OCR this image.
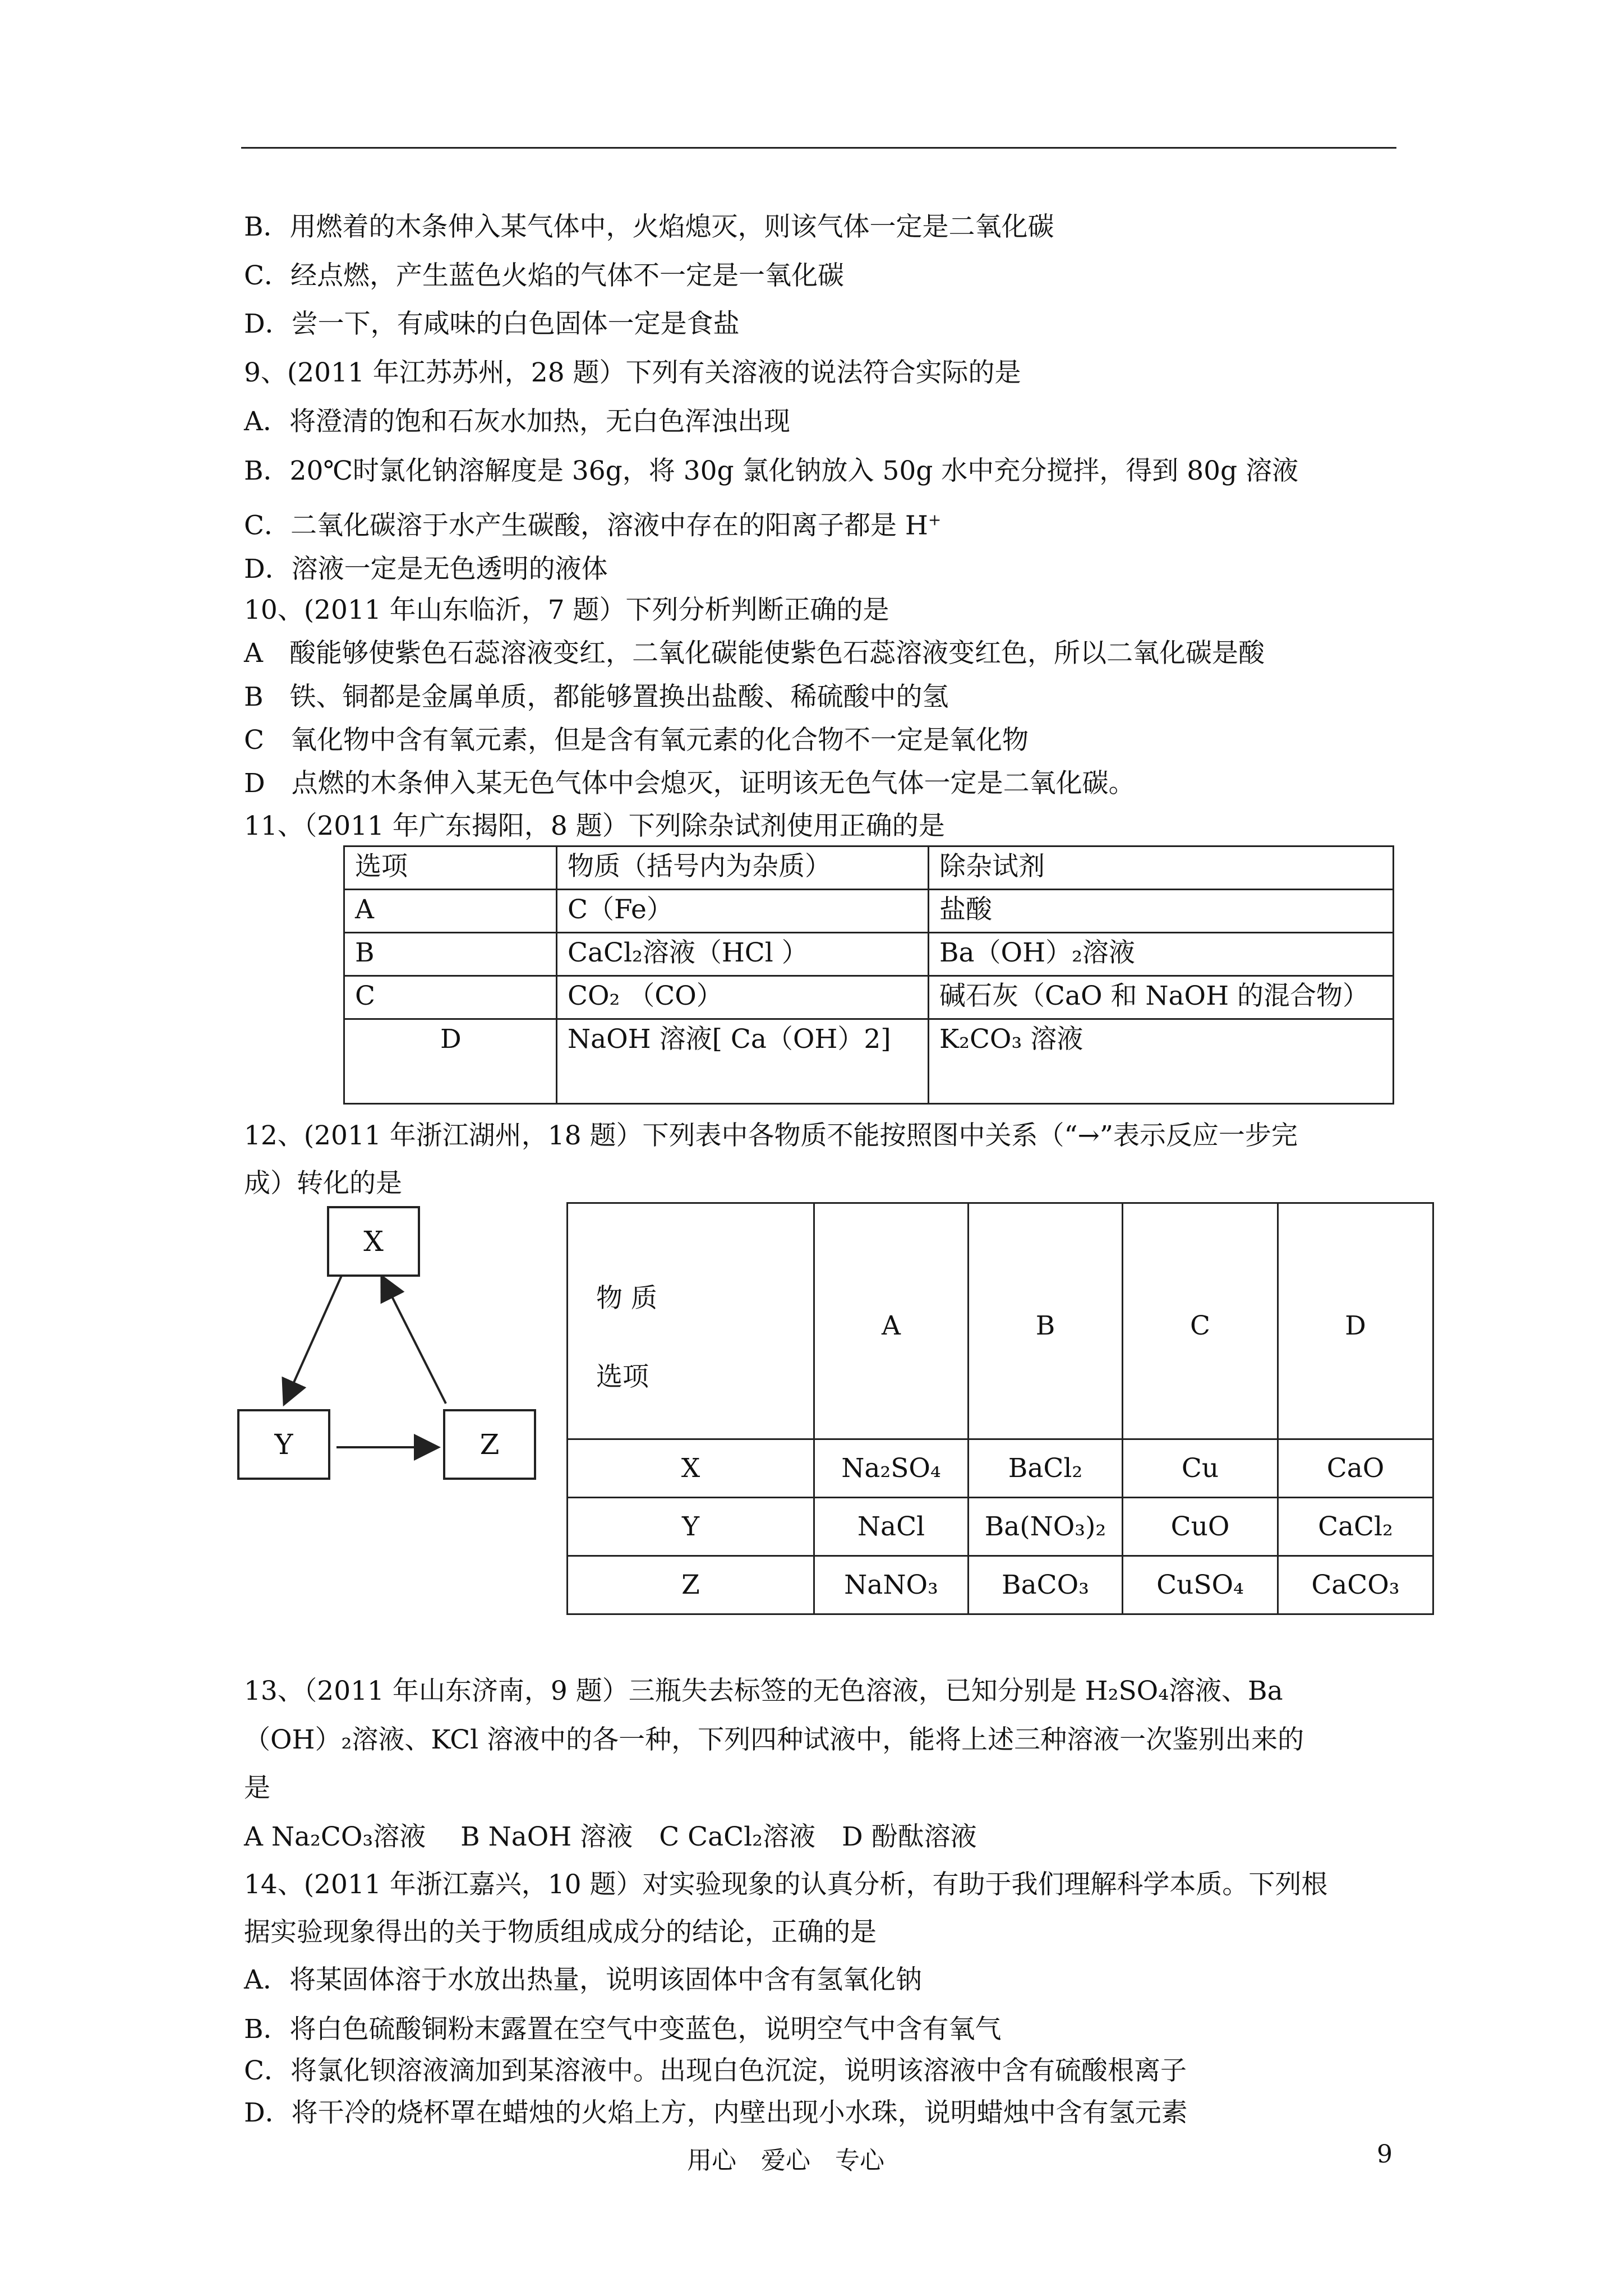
B．用燃着的木条伸入某气体中，火焰熄灭，则该气体一定是二氧化碳
C．经点燃，产生蓝色火焰的气体不一定是一氧化碳
D．尝一下，有咸味的白色固体一定是食盐
9、(2011 年江苏苏州，28 题）下列有关溶液的说法符合实际的是
A．将澄清的饱和石灰水加热，无白色浑浊出现
B．20℃时氯化钠溶解度是 36g，将 30g 氯化钠放入 50g 水中充分搅拌，得到 80g 溶液
C．二氧化碳溶于水产生碳酸，溶液中存在的阳离子都是 H+
D．溶液一定是无色透明的液体
10、(2011 年山东临沂，7 题）下列分析判断正确的是
A　酸能够使紫色石蕊溶液变红，二氧化碳能使紫色石蕊溶液变红色，所以二氧化碳是酸
B　铁、铜都是金属单质，都能够置换出盐酸、稀硫酸中的氢
C　氧化物中含有氧元素，但是含有氧元素的化合物不一定是氧化物
D　点燃的木条伸入某无色气体中会熄灭，证明该无色气体一定是二氧化碳。
11、（2011 年广东揭阳，8 题）下列除杂试剂使用正确的是
选项	物质（括号内为杂质）	除杂试剂
A	C（Fe）	盐酸
B	CaCl₂溶液（HCl ）	Ba（OH）₂溶液
C	CO₂ （CO）	碱石灰（CaO 和 NaOH 的混合物）
D	NaOH 溶液[ Ca（OH）2]	K₂CO₃ 溶液
12、(2011 年浙江湖州，18 题）下列表中各物质不能按照图中关系（“→”表示反应一步完
成）转化的是
X
Y	Z
物 质
选项	A	B	C	D
X	Na₂SO₄	BaCl₂	Cu	CaO
Y	NaCl	Ba(NO₃)₂	CuO	CaCl₂
Z	NaNO₃	BaCO₃	CuSO₄	CaCO₃
13、（2011 年山东济南，9 题）三瓶失去标签的无色溶液，已知分别是 H₂SO₄溶液、Ba
（OH）₂溶液、KCl 溶液中的各一种，下列四种试液中，能将上述三种溶液一次鉴别出来的
是
A Na₂CO₃溶液　 B NaOH 溶液　C CaCl₂溶液　D 酚酞溶液
14、(2011 年浙江嘉兴，10 题）对实验现象的认真分析，有助于我们理解科学本质。下列根
据实验现象得出的关于物质组成成分的结论，正确的是
A．将某固体溶于水放出热量，说明该固体中含有氢氧化钠
B．将白色硫酸铜粉末露置在空气中变蓝色，说明空气中含有氧气
C．将氯化钡溶液滴加到某溶液中。出现白色沉淀，说明该溶液中含有硫酸根离子
D．将干冷的烧杯罩在蜡烛的火焰上方，内壁出现小水珠，说明蜡烛中含有氢元素
用心　爱心　专心	9
